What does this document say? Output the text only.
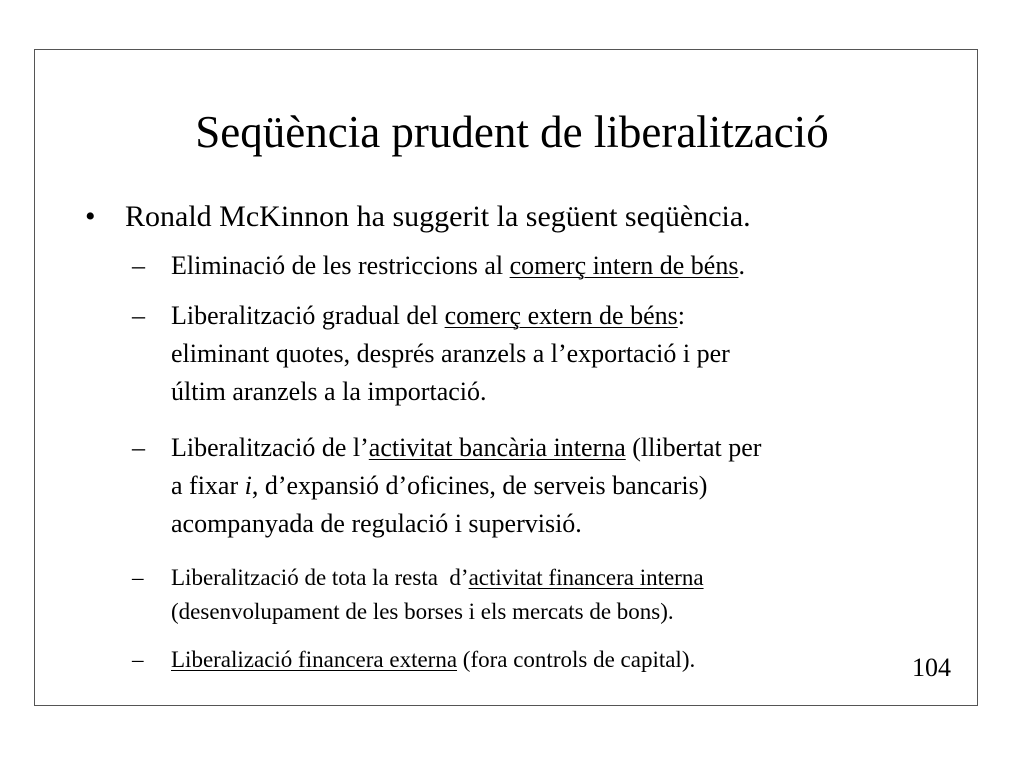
Seqüència prudent de liberalització
• Ronald McKinnon ha suggerit la següent seqüència.
– Eliminació de les restriccions al comerç intern de béns.
– Liberalització gradual del comerç extern de béns:
eliminant quotes, després aranzels a l’exportació i per
últim aranzels a la importació.
– Liberalització de l’activitat bancària interna (llibertat per
a fixar i, d’expansió d’oficines, de serveis bancaris)
acompanyada de regulació i supervisió.
– Liberalització de tota la resta  d’activitat financera interna
(desenvolupament de les borses i els mercats de bons).
– Liberalizació financera externa (fora controls de capital).	104
